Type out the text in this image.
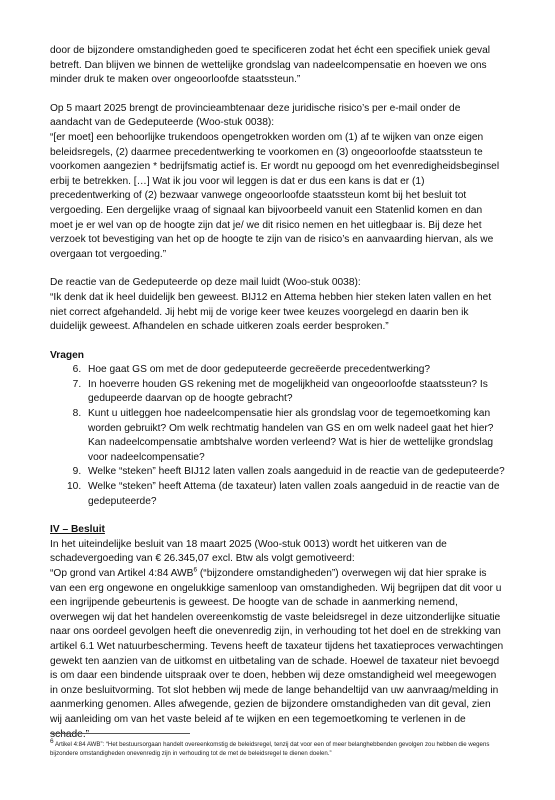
door de bijzondere omstandigheden goed te specificeren zodat het écht een specifiek uniek geval betreft. Dan blijven we binnen de wettelijke grondslag van nadeelcompensatie en hoeven we ons minder druk te maken over ongeoorloofde staatssteun.”

Op 5 maart 2025 brengt de provincieambtenaar deze juridische risico’s per e-mail onder de aandacht van de Gedeputeerde (Woo-stuk 0038):

“[er moet] een behoorlijke trukendoos opengetrokken worden om (1) af te wijken van onze eigen beleidsregels, (2) daarmee precedentwerking te voorkomen en (3) ongeoorloofde staatssteun te voorkomen aangezien * bedrijfsmatig actief is. Er wordt nu gepoogd om het evenredigheidsbeginsel erbij te betrekken. […] Wat ik jou voor wil leggen is dat er dus een kans is dat er (1) precedentwerking of (2) bezwaar vanwege ongeoorloofde staatssteun komt bij het besluit tot vergoeding. Een dergelijke vraag of signaal kan bijvoorbeeld vanuit een Statenlid komen en dan moet je er wel van op de hoogte zijn dat je/ we dit risico nemen en het uitlegbaar is. Bij deze het verzoek tot bevestiging van het op de hoogte te zijn van de risico’s en aanvaarding hiervan, als we overgaan tot vergoeding.”

De reactie van de Gedeputeerde op deze mail luidt (Woo-stuk 0038):

“Ik denk dat ik heel duidelijk ben geweest. BIJ12 en Attema hebben hier steken laten vallen en het niet correct afgehandeld. Jij hebt mij de vorige keer twee keuzes voorgelegd en daarin ben ik duidelijk geweest. Afhandelen en schade uitkeren zoals eerder besproken.”

Vragen

6. Hoe gaat GS om met de door gedeputeerde gecreëerde precedentwerking?
7. In hoeverre houden GS rekening met de mogelijkheid van ongeoorloofde staatssteun? Is gedupeerde daarvan op de hoogte gebracht?
8. Kunt u uitleggen hoe nadeelcompensatie hier als grondslag voor de tegemoetkoming kan worden gebruikt? Om welk rechtmatig handelen van GS en om welk nadeel gaat het hier? Kan nadeelcompensatie ambtshalve worden verleend? Wat is hier de wettelijke grondslag voor nadeelcompensatie?
9. Welke “steken” heeft BIJ12 laten vallen zoals aangeduid in de reactie van de gedeputeerde?
10. Welke “steken” heeft Attema (de taxateur) laten vallen zoals aangeduid in de reactie van de gedeputeerde?

IV – Besluit

In het uiteindelijke besluit van 18 maart 2025 (Woo-stuk 0013) wordt het uitkeren van de schadevergoeding van € 26.345,07 excl. Btw als volgt gemotiveerd:

“Op grond van Artikel 4:84 AWB$^6$ (“bijzondere omstandigheden”) overwegen wij dat hier sprake is van een erg ongewone en ongelukkige samenloop van omstandigheden. Wij begrijpen dat dit voor u een ingrijpende gebeurtenis is geweest. De hoogte van de schade in aanmerking nemend, overwegen wij dat het handelen overeenkomstig de vaste beleidsregel in deze uitzonderlijke situatie naar ons oordeel gevolgen heeft die onevenredig zijn, in verhouding tot het doel en de strekking van artikel 6.1 Wet natuurbescherming. Tevens heeft de taxateur tijdens het taxatieproces verwachtingen gewekt ten aanzien van de uitkomst en uitbetaling van de schade. Hoewel de taxateur niet bevoegd is om daar een bindende uitspraak over te doen, hebben wij deze omstandigheid wel meegewogen in onze besluitvorming. Tot slot hebben wij mede de lange behandeltijd van uw aanvraag/melding in aanmerking genomen. Alles afwegende, gezien de bijzondere omstandigheden van dit geval, zien wij aanleiding om van het vaste beleid af te wijken en een tegemoetkoming te verlenen in de schade.”

$^6$ Artikel 4:84 AWB”: “Het bestuursorgaan handelt overeenkomstig de beleidsregel, tenzij dat voor een of meer belanghebbenden gevolgen zou hebben die wegens bijzondere omstandigheden onevenredig zijn in verhouding tot de met de beleidsregel te dienen doelen.”
